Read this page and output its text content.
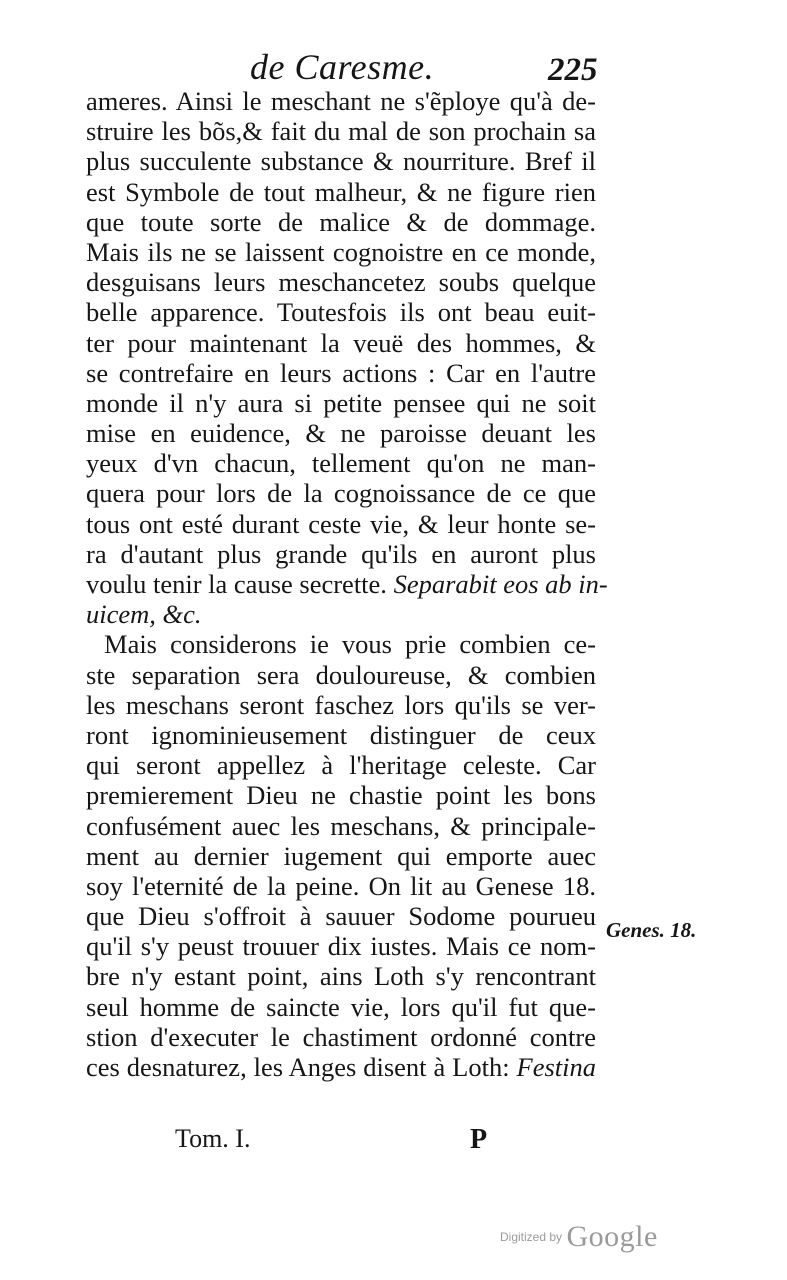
de Caresme.	225
ameres. Ainsi le meschant ne s'ẽploye qu'à de-
struire les bõs,& fait du mal de son prochain sa
plus succulente substance & nourriture. Bref il
est Symbole de tout malheur, & ne figure rien
que toute sorte de malice & de dommage.
Mais ils ne se laissent cognoistre en ce monde,
desguisans leurs meschancetez soubs quelque
belle apparence. Toutesfois ils ont beau euit-
ter pour maintenant la veuë des hommes, &
se contrefaire en leurs actions : Car en l'autre
monde il n'y aura si petite pensee qui ne soit
mise en euidence, & ne paroisse deuant les
yeux d'vn chacun, tellement qu'on ne man-
quera pour lors de la cognoissance de ce que
tous ont esté durant ceste vie, & leur honte se-
ra d'autant plus grande qu'ils en auront plus
voulu tenir la cause secrette. Separabit eos ab in-
uicem, &c.
Mais considerons ie vous prie combien ce-
ste separation sera douloureuse, & combien
les meschans seront faschez lors qu'ils se ver-
ront ignominieusement distinguer de ceux
qui seront appellez à l'heritage celeste. Car
premierement Dieu ne chastie point les bons
confusément auec les meschans, & principale-
ment au dernier iugement qui emporte auec
soy l'eternité de la peine. On lit au Genese 18.
que Dieu s'offroit à sauuer Sodome pourueu
qu'il s'y peust trouuer dix iustes. Mais ce nom-
bre n'y estant point, ains Loth s'y rencontrant
seul homme de saincte vie, lors qu'il fut que-
stion d'executer le chastiment ordonné contre
ces desnaturez, les Anges disent à Loth: Festina
Genes. 18.
Tom. I.	P
Digitized by Google
